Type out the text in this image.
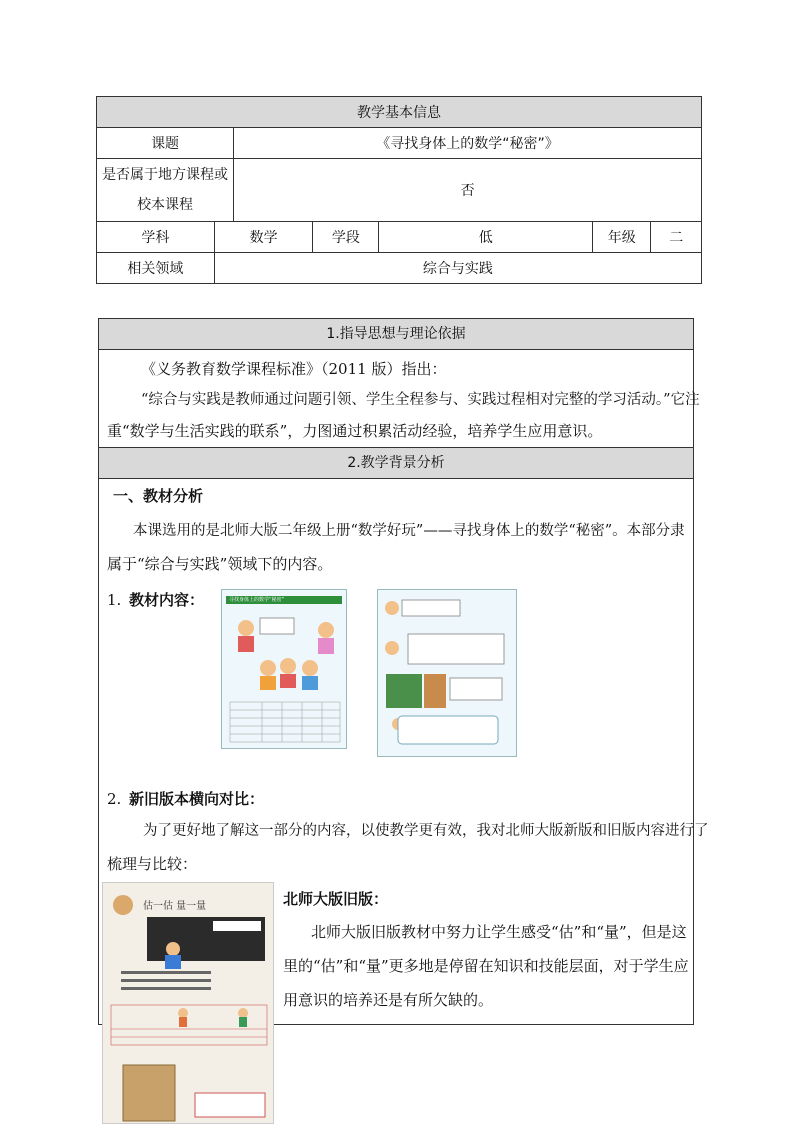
教学基本信息						
课题		《寻找身体上的数学“秘密”》				

是否属于地方课程或
校本课程		否				
学科	数学		学段	低	年级	二
相关领域	综合与实践					
1.指导思想与理论依据
《义务教育数学课程标准》（2011 版）指出：
“综合与实践是教师通过问题引领、学生全程参与、实践过程相对完整的学习活动。”它注
重“数学与生活实践的联系”，力图通过积累活动经验，培养学生应用意识。
2.教学背景分析
一、教材分析
本课选用的是北师大版二年级上册“数学好玩”——寻找身体上的数学“秘密”。本部分隶
属于“综合与实践”领域下的内容。
1. 教材内容：	寻找身体上的数学“秘密”
2. 新旧版本横向对比：
为了更好地了解这一部分的内容，以使教学更有效，我对北师大版新版和旧版内容进行了
梳理与比较：
北师大版旧版：
北师大版旧版教材中努力让学生感受“估”和“量”，但是这
里的“估”和“量”更多地是停留在知识和技能层面，对于学生应
用意识的培养还是有所欠缺的。
估一估 量一量
